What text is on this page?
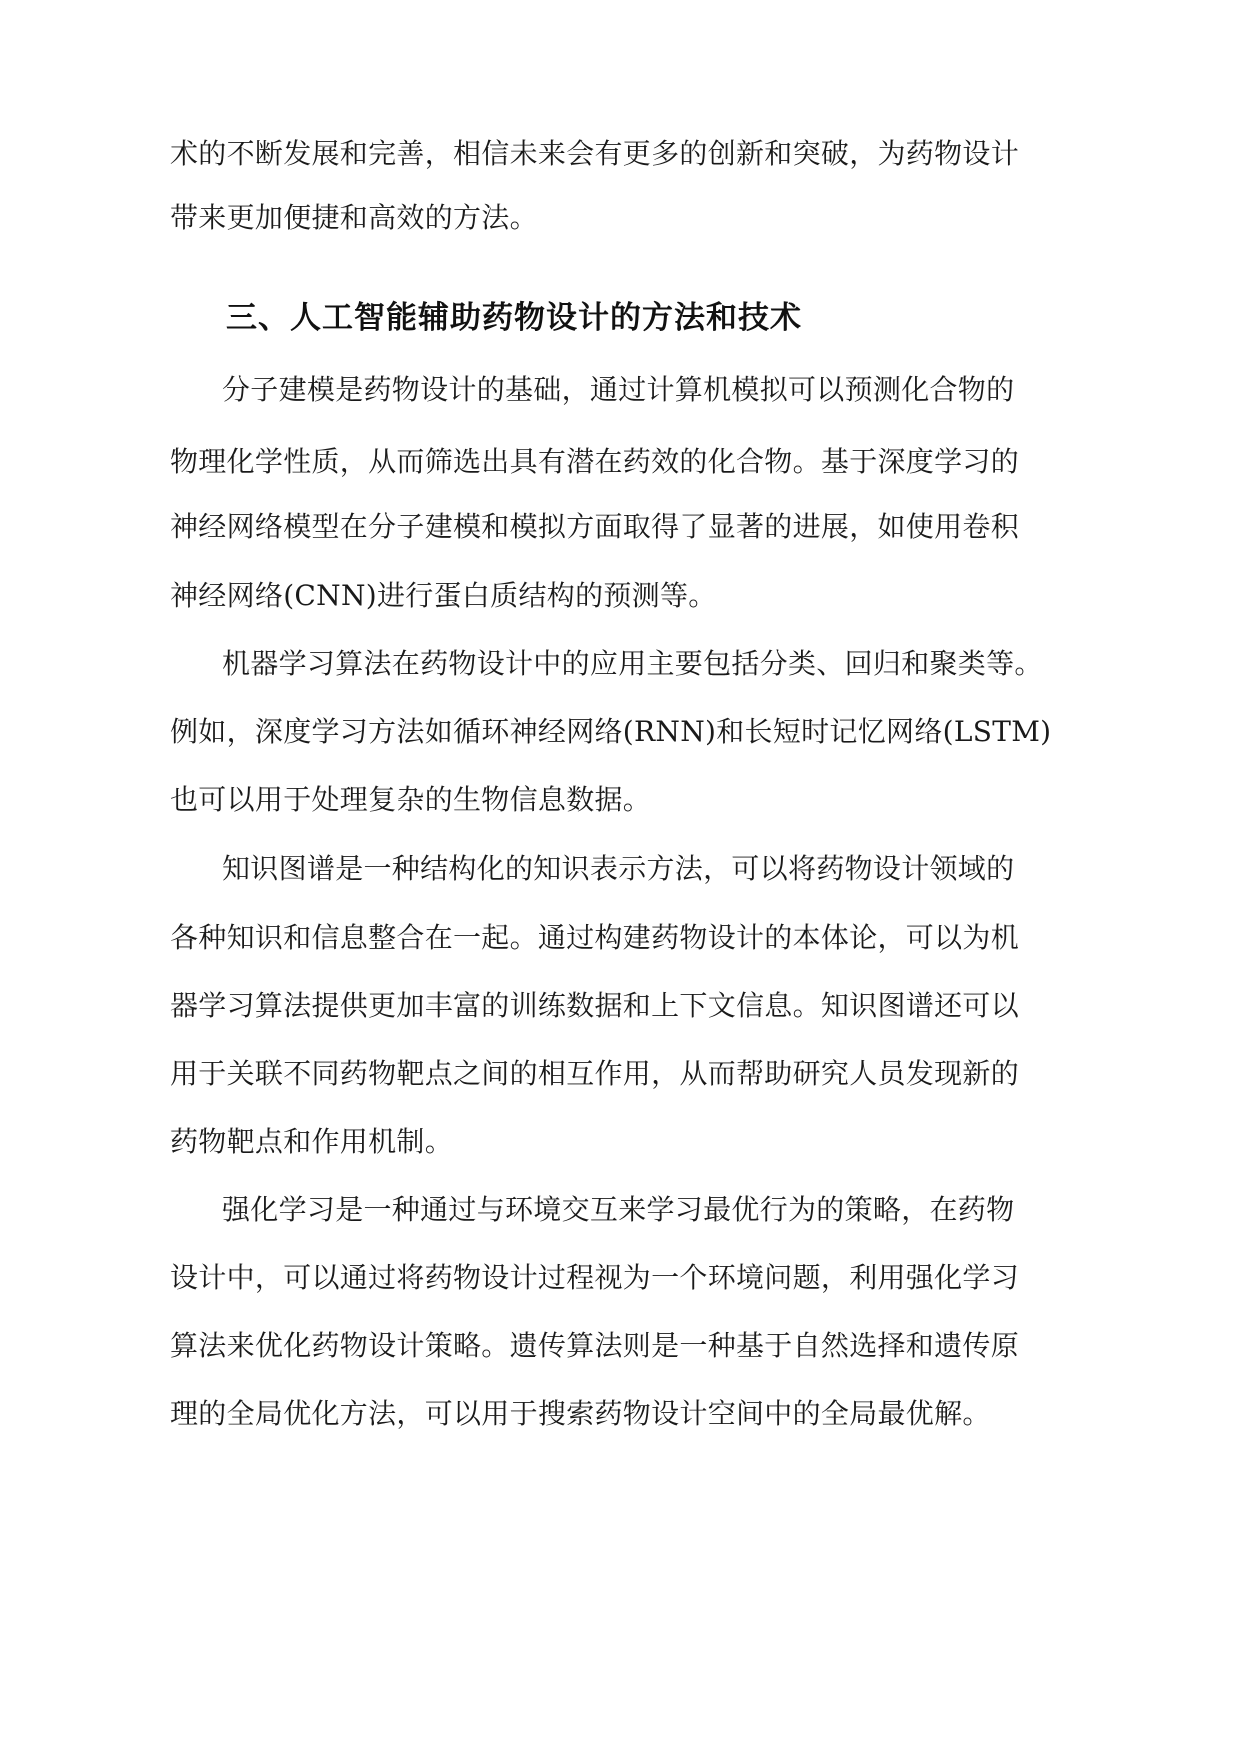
术的不断发展和完善，相信未来会有更多的创新和突破，为药物设计

带来更加便捷和高效的方法。

三、人工智能辅助药物设计的方法和技术

分子建模是药物设计的基础，通过计算机模拟可以预测化合物的

物理化学性质，从而筛选出具有潜在药效的化合物。基于深度学习的

神经网络模型在分子建模和模拟方面取得了显著的进展，如使用卷积

神经网络(CNN)进行蛋白质结构的预测等。

机器学习算法在药物设计中的应用主要包括分类、回归和聚类等。

例如，深度学习方法如循环神经网络(RNN)和长短时记忆网络(LSTM)

也可以用于处理复杂的生物信息数据。

知识图谱是一种结构化的知识表示方法，可以将药物设计领域的

各种知识和信息整合在一起。通过构建药物设计的本体论，可以为机

器学习算法提供更加丰富的训练数据和上下文信息。知识图谱还可以

用于关联不同药物靶点之间的相互作用，从而帮助研究人员发现新的

药物靶点和作用机制。

强化学习是一种通过与环境交互来学习最优行为的策略，在药物

设计中，可以通过将药物设计过程视为一个环境问题，利用强化学习

算法来优化药物设计策略。遗传算法则是一种基于自然选择和遗传原

理的全局优化方法，可以用于搜索药物设计空间中的全局最优解。
